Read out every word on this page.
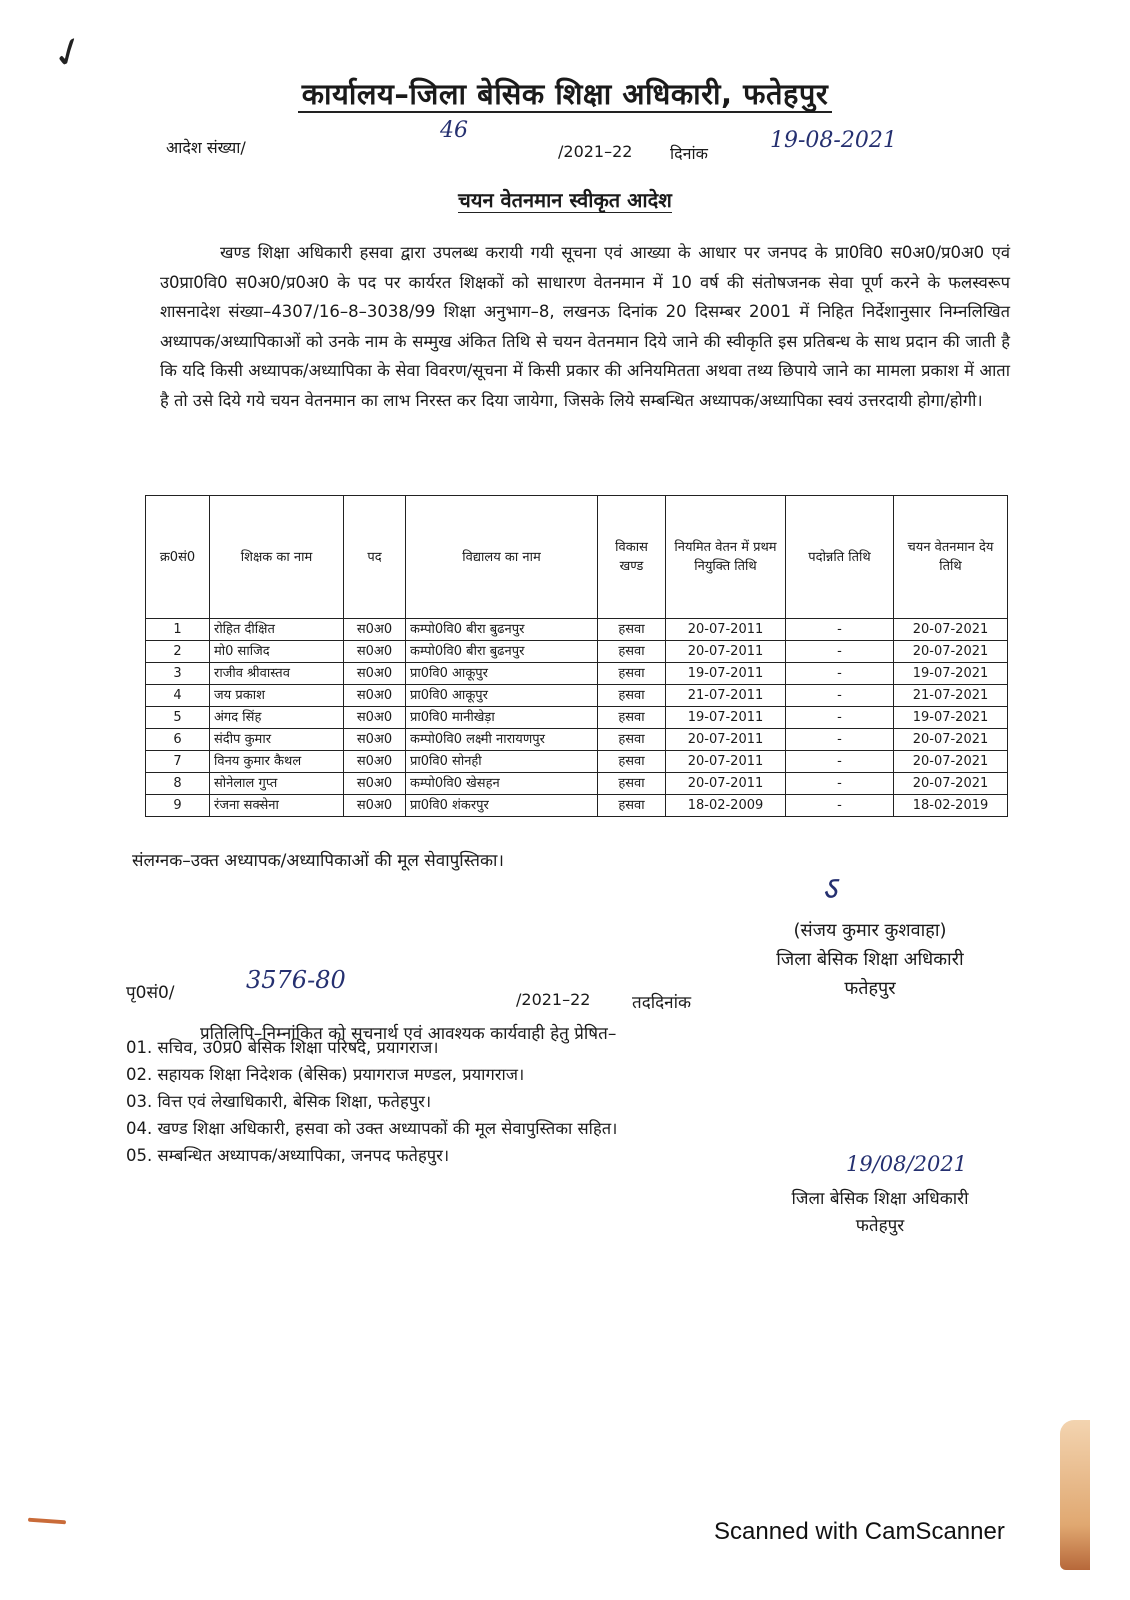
✓
कार्यालय–जिला बेसिक शिक्षा अधिकारी, फतेहपुर
आदेश संख्या/
46
/2021–22 दिनांक
19-08-2021
चयन वेतनमान स्वीकृत आदेश
खण्ड शिक्षा अधिकारी हसवा द्वारा उपलब्ध करायी गयी सूचना एवं आख्या के आधार पर जनपद के प्रा0वि0 स0अ0/प्र0अ0 एवं उ0प्रा0वि0 स0अ0/प्र0अ0 के पद पर कार्यरत शिक्षकों को साधारण वेतनमान में 10 वर्ष की संतोषजनक सेवा पूर्ण करने के फलस्वरूप शासनादेश संख्या–4307/16–8–3038/99 शिक्षा अनुभाग–8, लखनऊ दिनांक 20 दिसम्बर 2001 में निहित निर्देशानुसार निम्नलिखित अध्यापक/अध्यापिकाओं को उनके नाम के सम्मुख अंकित तिथि से चयन वेतनमान दिये जाने की स्वीकृति इस प्रतिबन्ध के साथ प्रदान की जाती है कि यदि किसी अध्यापक/अध्यापिका के सेवा विवरण/सूचना में किसी प्रकार की अनियमितता अथवा तथ्य छिपाये जाने का मामला प्रकाश में आता है तो उसे दिये गये चयन वेतनमान का लाभ निरस्त कर दिया जायेगा, जिसके लिये सम्बन्धित अध्यापक/अध्यापिका स्वयं उत्तरदायी होगा/होगी।
क्र0सं0	शिक्षक का नाम	पद	विद्यालय का नाम	विकास खण्ड	नियमित वेतन में प्रथम नियुक्ति तिथि	पदोन्नति तिथि	चयन वेतनमान देय तिथि
1	रोहित दीक्षित	स0अ0	कम्पो0वि0 बीरा बुढनपुर	हसवा	20-07-2011	-	20-07-2021
2	मो0 साजिद	स0अ0	कम्पो0वि0 बीरा बुढनपुर	हसवा	20-07-2011	-	20-07-2021
3	राजीव श्रीवास्तव	स0अ0	प्रा0वि0 आकूपुर	हसवा	19-07-2011	-	19-07-2021
4	जय प्रकाश	स0अ0	प्रा0वि0 आकूपुर	हसवा	21-07-2011	-	21-07-2021
5	अंगद सिंह	स0अ0	प्रा0वि0 मानीखेड़ा	हसवा	19-07-2011	-	19-07-2021
6	संदीप कुमार	स0अ0	कम्पो0वि0 लक्ष्मी नारायणपुर	हसवा	20-07-2011	-	20-07-2021
7	विनय कुमार कैथल	स0अ0	प्रा0वि0 सोनही	हसवा	20-07-2011	-	20-07-2021
8	सोनेलाल गुप्त	स0अ0	कम्पो0वि0 खेसहन	हसवा	20-07-2011	-	20-07-2021
9	रंजना सक्सेना	स0अ0	प्रा0वि0 शंकरपुर	हसवा	18-02-2009	-	18-02-2019
संलग्नक–उक्त अध्यापक/अध्यापिकाओं की मूल सेवापुस्तिका।
ऽ
(संजय कुमार कुशवाहा)
जिला बेसिक शिक्षा अधिकारी
फतेहपुर
पृ0सं0/	3576-80
/2021–22 तददिनांक
प्रतिलिपि–निम्नांकित को सूचनार्थ एवं आवश्यक कार्यवाही हेतु प्रेषित–
01. सचिव, उ0प्र0 बेसिक शिक्षा परिषद, प्रयागराज।
02. सहायक शिक्षा निदेशक (बेसिक) प्रयागराज मण्डल, प्रयागराज।
03. वित्त एवं लेखाधिकारी, बेसिक शिक्षा, फतेहपुर।
04. खण्ड शिक्षा अधिकारी, हसवा को उक्त अध्यापकों की मूल सेवापुस्तिका सहित।
05. सम्बन्धित अध्यापक/अध्यापिका, जनपद फतेहपुर।	19/08/2021
जिला बेसिक शिक्षा अधिकारी
फतेहपुर
Scanned with CamScanner
